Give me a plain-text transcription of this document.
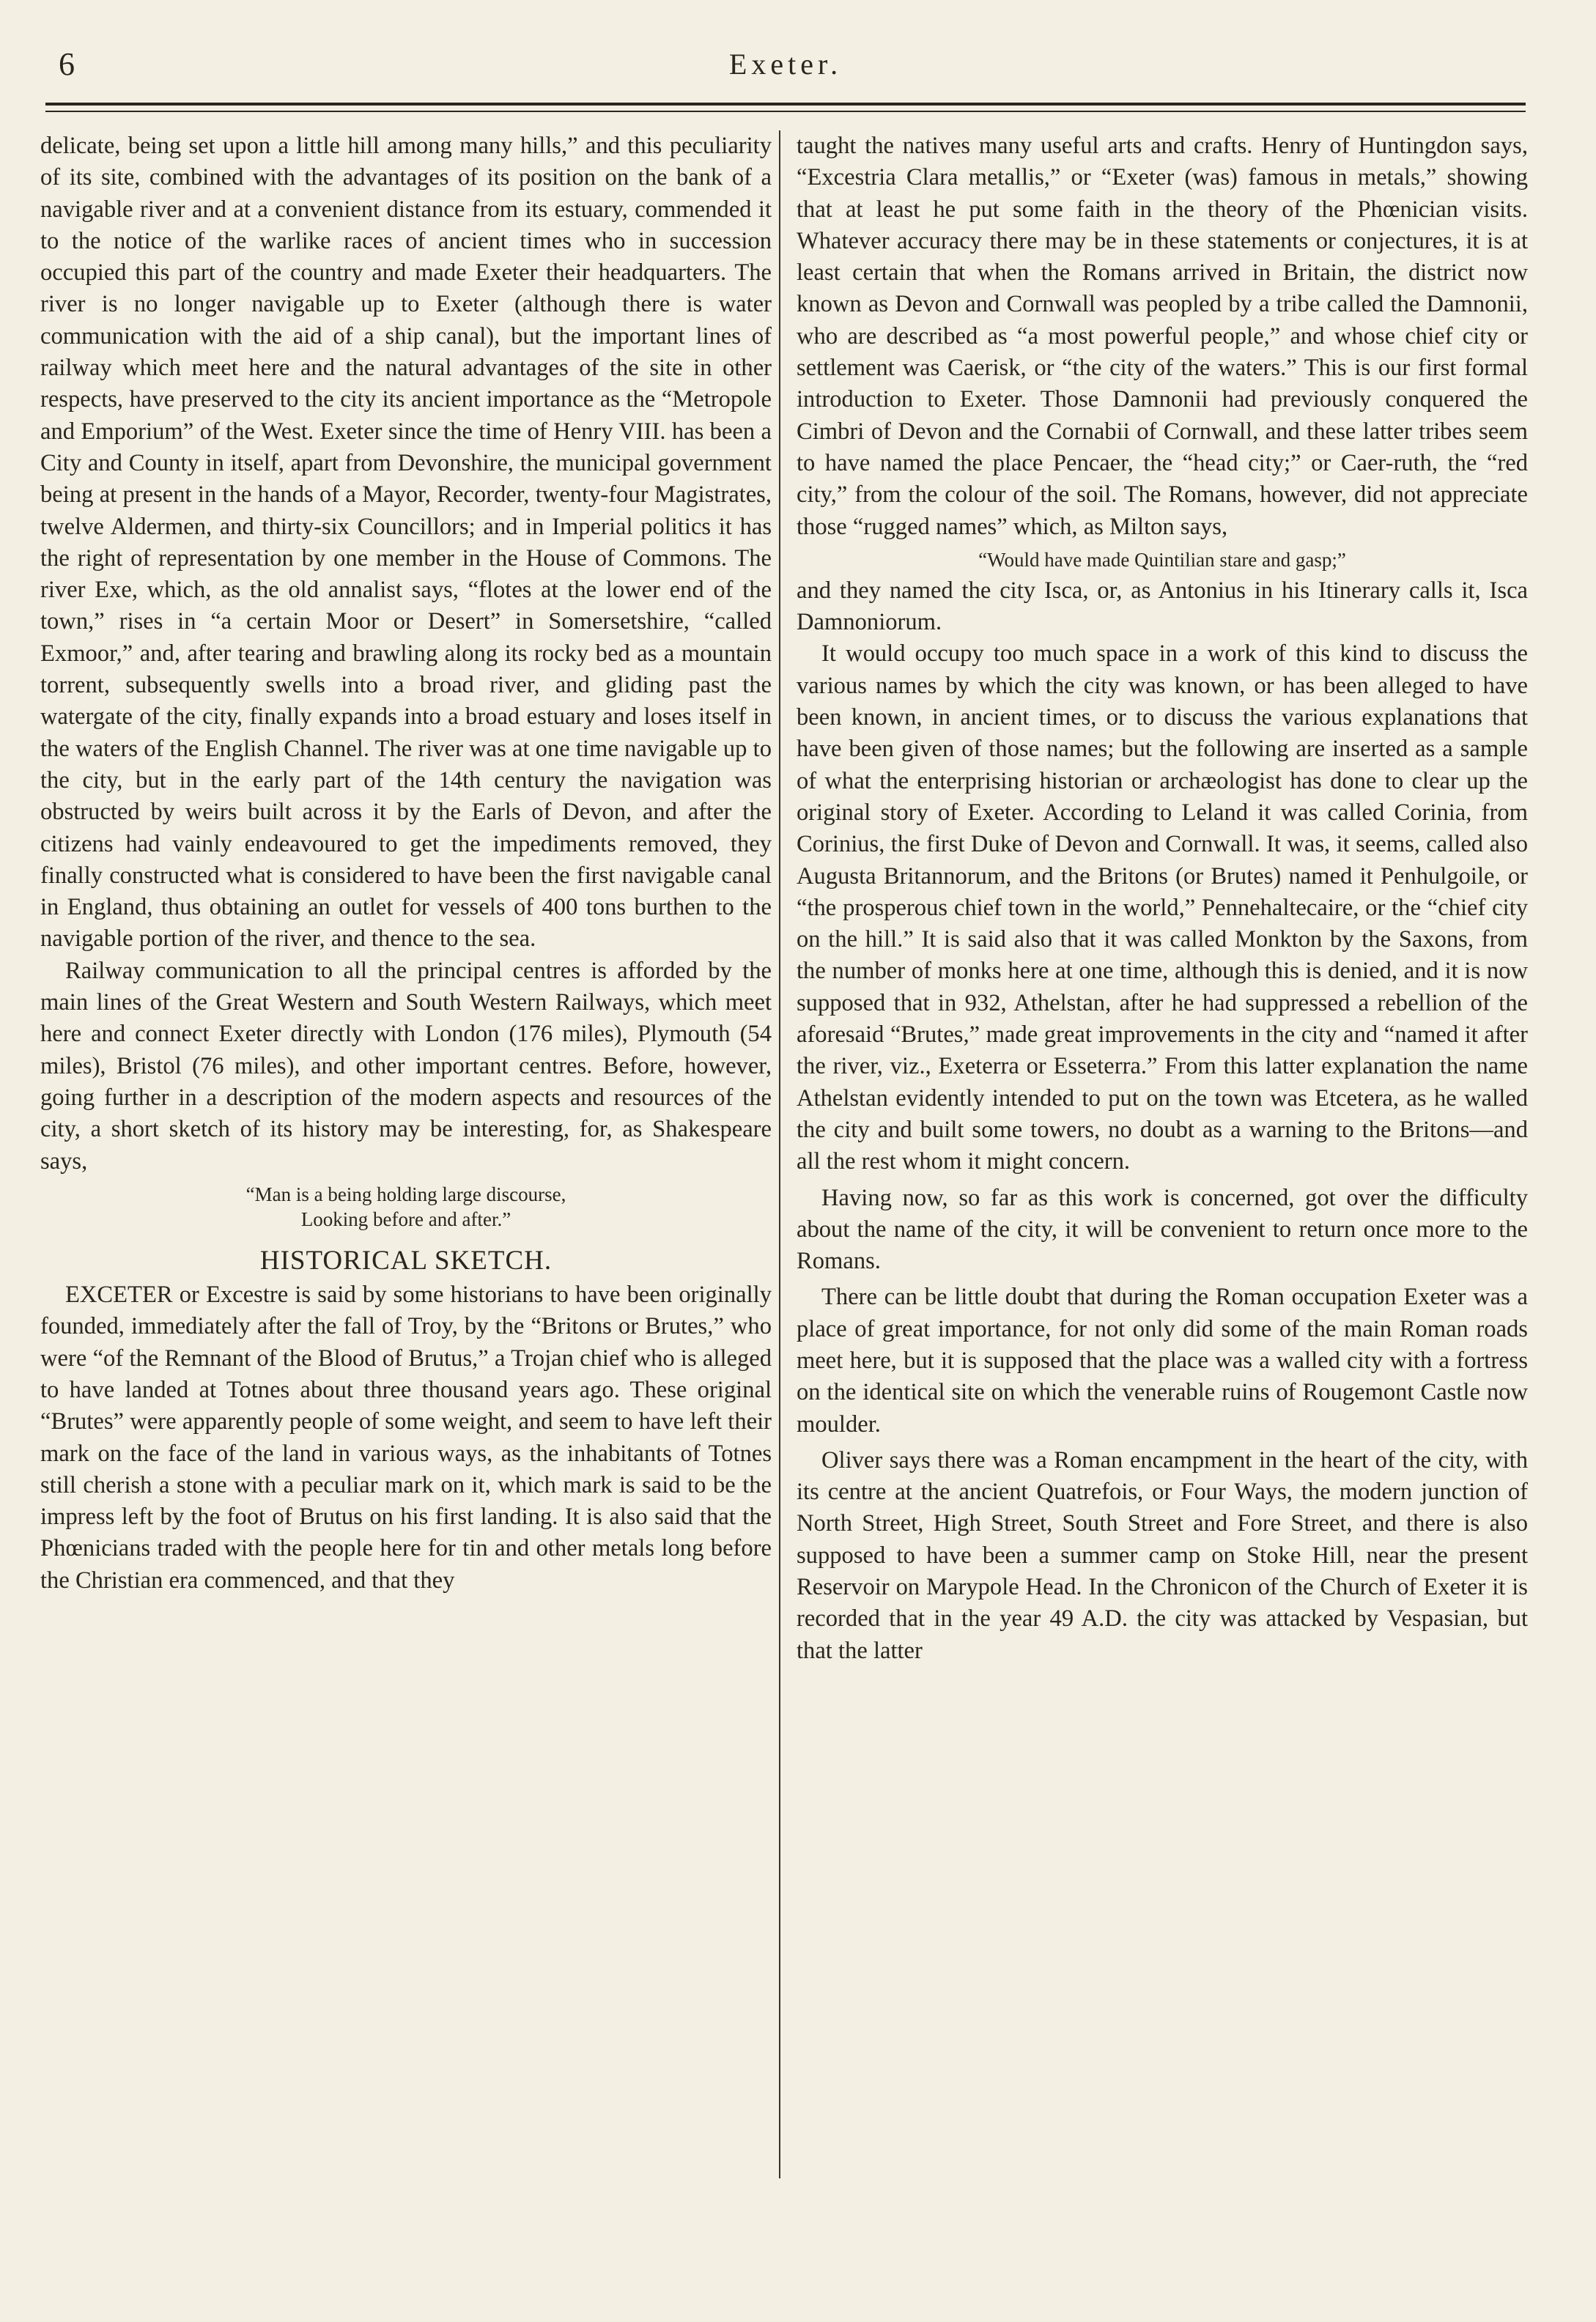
6	Exeter.

delicate, being set upon a little hill among many hills,” and this peculiarity of its site, combined with the advantages of its position on the bank of a navigable river and at a convenient distance from its estuary, commended it to the notice of the warlike races of ancient times who in succession occupied this part of the country and made Exeter their headquarters. The river is no longer navigable up to Exeter (although there is water communication with the aid of a ship canal), but the important lines of railway which meet here and the natural advantages of the site in other respects, have preserved to the city its ancient importance as the “Metropole and Emporium” of the West. Exeter since the time of Henry VIII. has been a City and County in itself, apart from Devonshire, the municipal government being at present in the hands of a Mayor, Recorder, twenty-four Magistrates, twelve Aldermen, and thirty-six Councillors; and in Imperial politics it has the right of representation by one member in the House of Commons. The river Exe, which, as the old annalist says, “flotes at the lower end of the town,” rises in “a certain Moor or Desert” in Somersetshire, “called Exmoor,” and, after tearing and brawling along its rocky bed as a mountain torrent, subsequently swells into a broad river, and gliding past the watergate of the city, finally expands into a broad estuary and loses itself in the waters of the English Channel. The river was at one time navigable up to the city, but in the early part of the 14th century the navigation was obstructed by weirs built across it by the Earls of Devon, and after the citizens had vainly endeavoured to get the impediments removed, they finally constructed what is considered to have been the first navigable canal in England, thus obtaining an outlet for vessels of 400 tons burthen to the navigable portion of the river, and thence to the sea.

Railway communication to all the principal centres is afforded by the main lines of the Great Western and South Western Railways, which meet here and connect Exeter directly with London (176 miles), Plymouth (54 miles), Bristol (76 miles), and other important centres. Before, however, going further in a description of the modern aspects and resources of the city, a short sketch of its history may be interesting, for, as Shakespeare says,

“Man is a being holding large discourse,
Looking before and after.”
HISTORICAL SKETCH.

EXCETER or Excestre is said by some historians to have been originally founded, immediately after the fall of Troy, by the “Britons or Brutes,” who were “of the Remnant of the Blood of Brutus,” a Trojan chief who is alleged to have landed at Totnes about three thousand years ago. These original “Brutes” were apparently people of some weight, and seem to have left their mark on the face of the land in various ways, as the inhabitants of Totnes still cherish a stone with a peculiar mark on it, which mark is said to be the impress left by the foot of Brutus on his first landing. It is also said that the Phœnicians traded with the people here for tin and other metals long before the Christian era commenced, and that they

taught the natives many useful arts and crafts. Henry of Huntingdon says, “Excestria Clara metallis,” or “Exeter (was) famous in metals,” showing that at least he put some faith in the theory of the Phœnician visits. Whatever accuracy there may be in these statements or conjectures, it is at least certain that when the Romans arrived in Britain, the district now known as Devon and Cornwall was peopled by a tribe called the Damnonii, who are described as “a most powerful people,” and whose chief city or settlement was Caerisk, or “the city of the waters.” This is our first formal introduction to Exeter. Those Damnonii had previously conquered the Cimbri of Devon and the Cornabii of Cornwall, and these latter tribes seem to have named the place Pencaer, the “head city;” or Caer-ruth, the “red city,” from the colour of the soil. The Romans, however, did not appreciate those “rugged names” which, as Milton says,

“Would have made Quintilian stare and gasp;”

and they named the city Isca, or, as Antonius in his Itinerary calls it, Isca Damnoniorum.

It would occupy too much space in a work of this kind to discuss the various names by which the city was known, or has been alleged to have been known, in ancient times, or to discuss the various explanations that have been given of those names; but the following are inserted as a sample of what the enterprising historian or archæologist has done to clear up the original story of Exeter. According to Leland it was called Corinia, from Corinius, the first Duke of Devon and Cornwall. It was, it seems, called also Augusta Britannorum, and the Britons (or Brutes) named it Penhulgoile, or “the prosperous chief town in the world,” Pennehaltecaire, or the “chief city on the hill.” It is said also that it was called Monkton by the Saxons, from the number of monks here at one time, although this is denied, and it is now supposed that in 932, Athelstan, after he had suppressed a rebellion of the aforesaid “Brutes,” made great improvements in the city and “named it after the river, viz., Exeterra or Esseterra.” From this latter explanation the name Athelstan evidently intended to put on the town was Etcetera, as he walled the city and built some towers, no doubt as a warning to the Britons—and all the rest whom it might concern.

Having now, so far as this work is concerned, got over the difficulty about the name of the city, it will be convenient to return once more to the Romans.

There can be little doubt that during the Roman occupation Exeter was a place of great importance, for not only did some of the main Roman roads meet here, but it is supposed that the place was a walled city with a fortress on the identical site on which the venerable ruins of Rougemont Castle now moulder.

Oliver says there was a Roman encampment in the heart of the city, with its centre at the ancient Quatrefois, or Four Ways, the modern junction of North Street, High Street, South Street and Fore Street, and there is also supposed to have been a summer camp on Stoke Hill, near the present Reservoir on Marypole Head. In the Chronicon of the Church of Exeter it is recorded that in the year 49 A.D. the city was attacked by Vespasian, but that the latter
